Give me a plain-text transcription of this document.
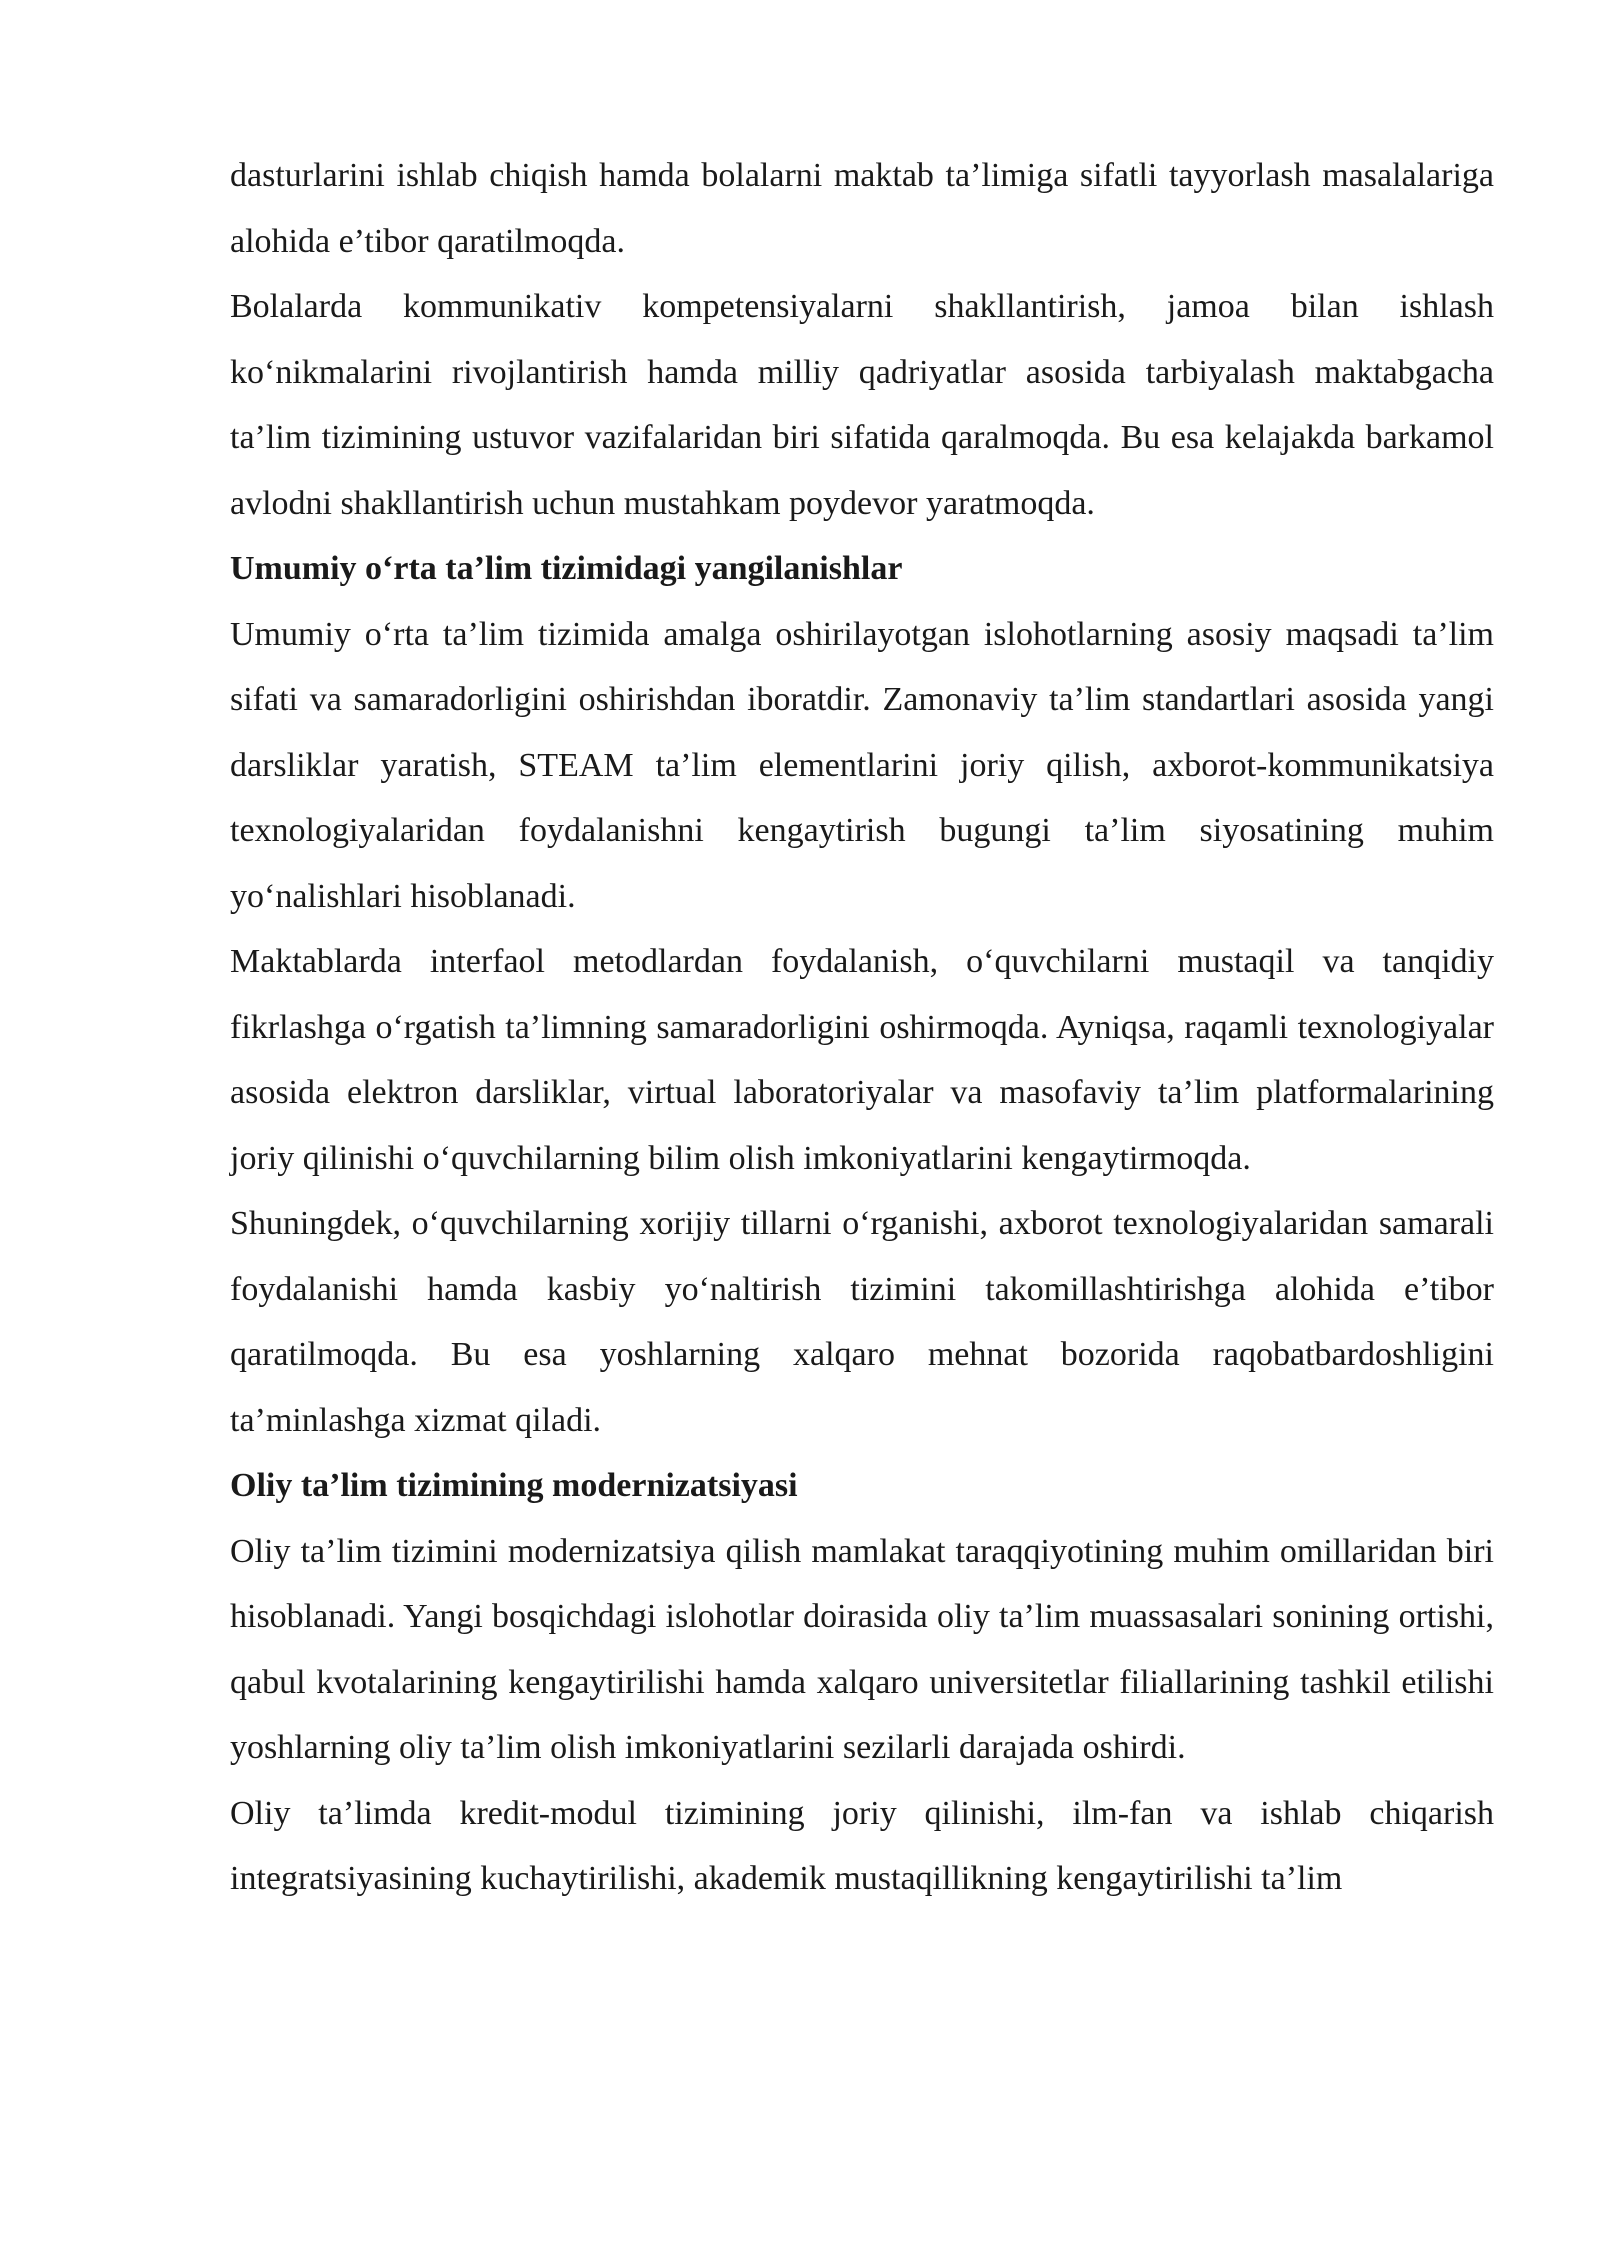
dasturlarini ishlab chiqish hamda bolalarni maktab ta’limiga sifatli tayyorlash masalalariga alohida e’tibor qaratilmoqda.

Bolalarda kommunikativ kompetensiyalarni shakllantirish, jamoa bilan ishlash ko‘nikmalarini rivojlantirish hamda milliy qadriyatlar asosida tarbiyalash maktabgacha ta’lim tizimining ustuvor vazifalaridan biri sifatida qaralmoqda. Bu esa kelajakda barkamol avlodni shakllantirish uchun mustahkam poydevor yaratmoqda.

Umumiy o‘rta ta’lim tizimidagi yangilanishlar

Umumiy o‘rta ta’lim tizimida amalga oshirilayotgan islohotlarning asosiy maqsadi ta’lim sifati va samaradorligini oshirishdan iboratdir. Zamonaviy ta’lim standartlari asosida yangi darsliklar yaratish, STEAM ta’lim elementlarini joriy qilish, axborot-kommunikatsiya texnologiyalaridan foydalanishni kengaytirish bugungi ta’lim siyosatining muhim yo‘nalishlari hisoblanadi.

Maktablarda interfaol metodlardan foydalanish, o‘quvchilarni mustaqil va tanqidiy fikrlashga o‘rgatish ta’limning samaradorligini oshirmoqda. Ayniqsa, raqamli texnologiyalar asosida elektron darsliklar, virtual laboratoriyalar va masofaviy ta’lim platformalarining joriy qilinishi o‘quvchilarning bilim olish imkoniyatlarini kengaytirmoqda.

Shuningdek, o‘quvchilarning xorijiy tillarni o‘rganishi, axborot texnologiyalaridan samarali foydalanishi hamda kasbiy yo‘naltirish tizimini takomillashtirishga alohida e’tibor qaratilmoqda. Bu esa yoshlarning xalqaro mehnat bozorida raqobatbardoshligini ta’minlashga xizmat qiladi.

Oliy ta’lim tizimining modernizatsiyasi

Oliy ta’lim tizimini modernizatsiya qilish mamlakat taraqqiyotining muhim omillaridan biri hisoblanadi. Yangi bosqichdagi islohotlar doirasida oliy ta’lim muassasalari sonining ortishi, qabul kvotalarining kengaytirilishi hamda xalqaro universitetlar filiallarining tashkil etilishi yoshlarning oliy ta’lim olish imkoniyatlarini sezilarli darajada oshirdi.

Oliy ta’limda kredit-modul tizimining joriy qilinishi, ilm-fan va ishlab chiqarish integratsiyasining kuchaytirilishi, akademik mustaqillikning kengaytirilishi ta’lim
